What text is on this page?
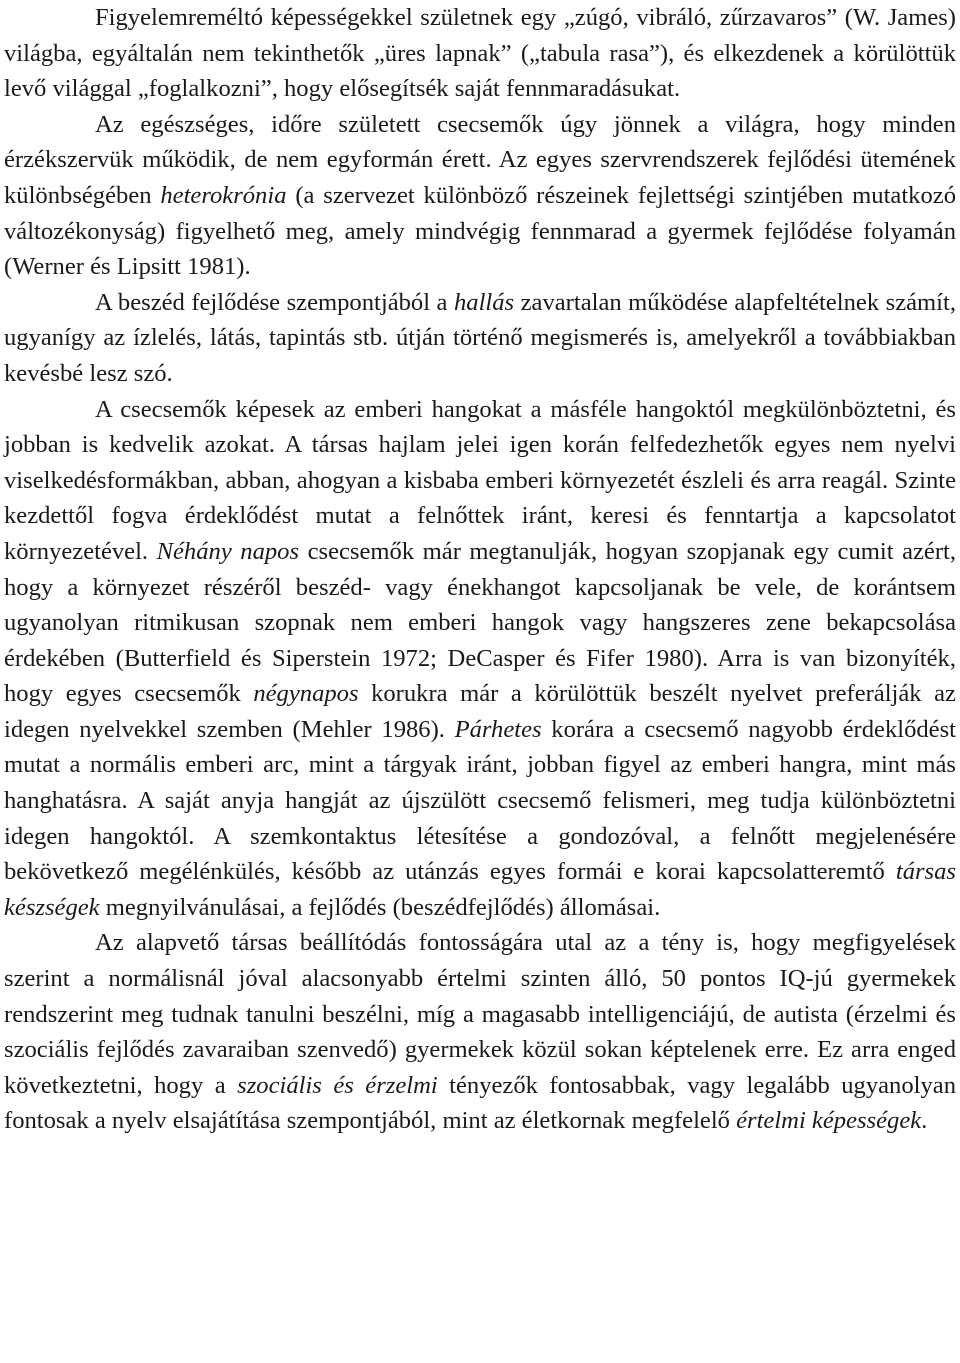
Figyelemreméltó képességekkel születnek egy „zúgó, vibráló, zűrzavaros” (W. James) világba, egyáltalán nem tekinthetők „üres lapnak” („tabula rasa”), és elkezdenek a körülöttük levő világgal „foglalkozni”, hogy elősegítsék saját fennmaradásukat.

Az egészséges, időre született csecsemők úgy jönnek a világra, hogy minden érzékszervük működik, de nem egyformán érett. Az egyes szervrendszerek fejlődési ütemének különbségében heterokrónia (a szervezet különböző részeinek fejlettségi szintjében mutatkozó változékonyság) figyelhető meg, amely mindvégig fennmarad a gyermek fejlődése folyamán (Werner és Lipsitt 1981).

A beszéd fejlődése szempontjából a hallás zavartalan működése alapfeltételnek számít, ugyanígy az ízlelés, látás, tapintás stb. útján történő megismerés is, amelyekről a továbbiakban kevésbé lesz szó.

A csecsemők képesek az emberi hangokat a másféle hangoktól megkülönböztetni, és jobban is kedvelik azokat. A társas hajlam jelei igen korán felfedezhetők egyes nem nyelvi viselkedésformákban, abban, ahogyan a kisbaba emberi környezetét észleli és arra reagál. Szinte kezdettől fogva érdeklődést mutat a felnőttek iránt, keresi és fenntartja a kapcsolatot környezetével. Néhány napos csecsemők már megtanulják, hogyan szopjanak egy cumit azért, hogy a környezet részéről beszéd- vagy énekhangot kapcsoljanak be vele, de korántsem ugyanolyan ritmikusan szopnak nem emberi hangok vagy hangszeres zene bekapcsolása érdekében (Butterfield és Siperstein 1972; DeCasper és Fifer 1980). Arra is van bizonyíték, hogy egyes csecsemők négynapos korukra már a körülöttük beszélt nyelvet preferálják az idegen nyelvekkel szemben (Mehler 1986). Párhetes korára a csecsemő nagyobb érdeklődést mutat a normális emberi arc, mint a tárgyak iránt, jobban figyel az emberi hangra, mint más hanghatásra. A saját anyja hangját az újszülött csecsemő felismeri, meg tudja különböztetni idegen hangoktól. A szemkontaktus létesítése a gondozóval, a felnőtt megjelenésére bekövetkező megélénkülés, később az utánzás egyes formái e korai kapcsolatteremtő társas készségek megnyilvánulásai, a fejlődés (beszédfejlődés) állomásai.

Az alapvető társas beállítódás fontosságára utal az a tény is, hogy megfigyelések szerint a normálisnál jóval alacsonyabb értelmi szinten álló, 50 pontos IQ-jú gyermekek rendszerint meg tudnak tanulni beszélni, míg a magasabb intelligenciájú, de autista (érzelmi és szociális fejlődés zavaraiban szenvedő) gyermekek közül sokan képtelenek erre. Ez arra enged következtetni, hogy a szociális és érzelmi tényezők fontosabbak, vagy legalább ugyanolyan fontosak a nyelv elsajátítása szempontjából, mint az életkornak megfelelő értelmi képességek.
